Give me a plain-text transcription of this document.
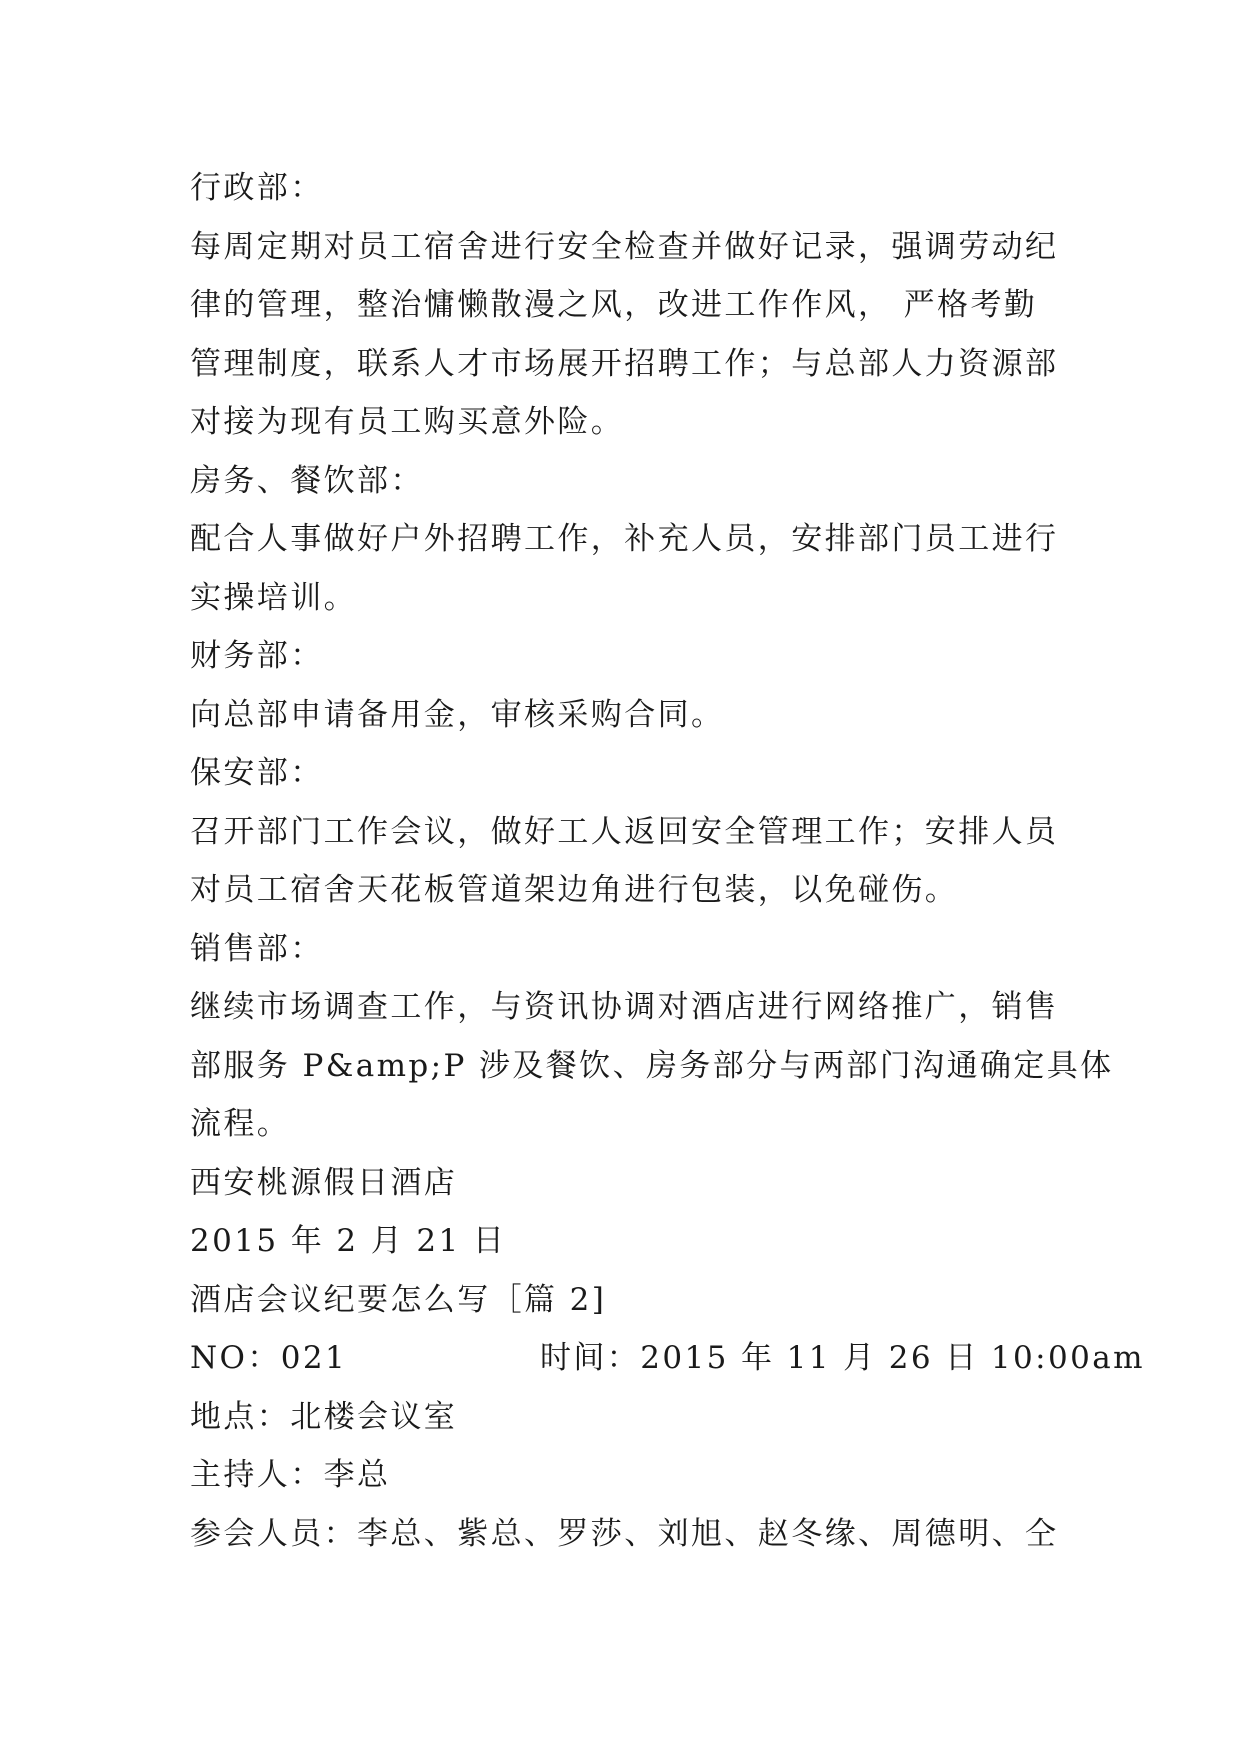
行政部：

每周定期对员工宿舍进行安全检查并做好记录，强调劳动纪

律的管理，整治慵懒散漫之风，改进工作作风， 严格考勤

管理制度，联系人才市场展开招聘工作；与总部人力资源部

对接为现有员工购买意外险。

房务、餐饮部：

配合人事做好户外招聘工作，补充人员，安排部门员工进行

实操培训。

财务部：

向总部申请备用金，审核采购合同。

保安部：

召开部门工作会议，做好工人返回安全管理工作；安排人员

对员工宿舍天花板管道架边角进行包装，以免碰伤。

销售部：

继续市场调查工作，与资讯协调对酒店进行网络推广，销售

部服务 P&amp;P 涉及餐饮、房务部分与两部门沟通确定具体

流程。

西安桃源假日酒店

2015 年 2 月 21 日

酒店会议纪要怎么写［篇 2]

NO：021

	时间：2015 年 11 月 26 日 10:00am

地点：北楼会议室

主持人：李总

参会人员：李总、紫总、罗莎、刘旭、赵冬缘、周德明、仝
